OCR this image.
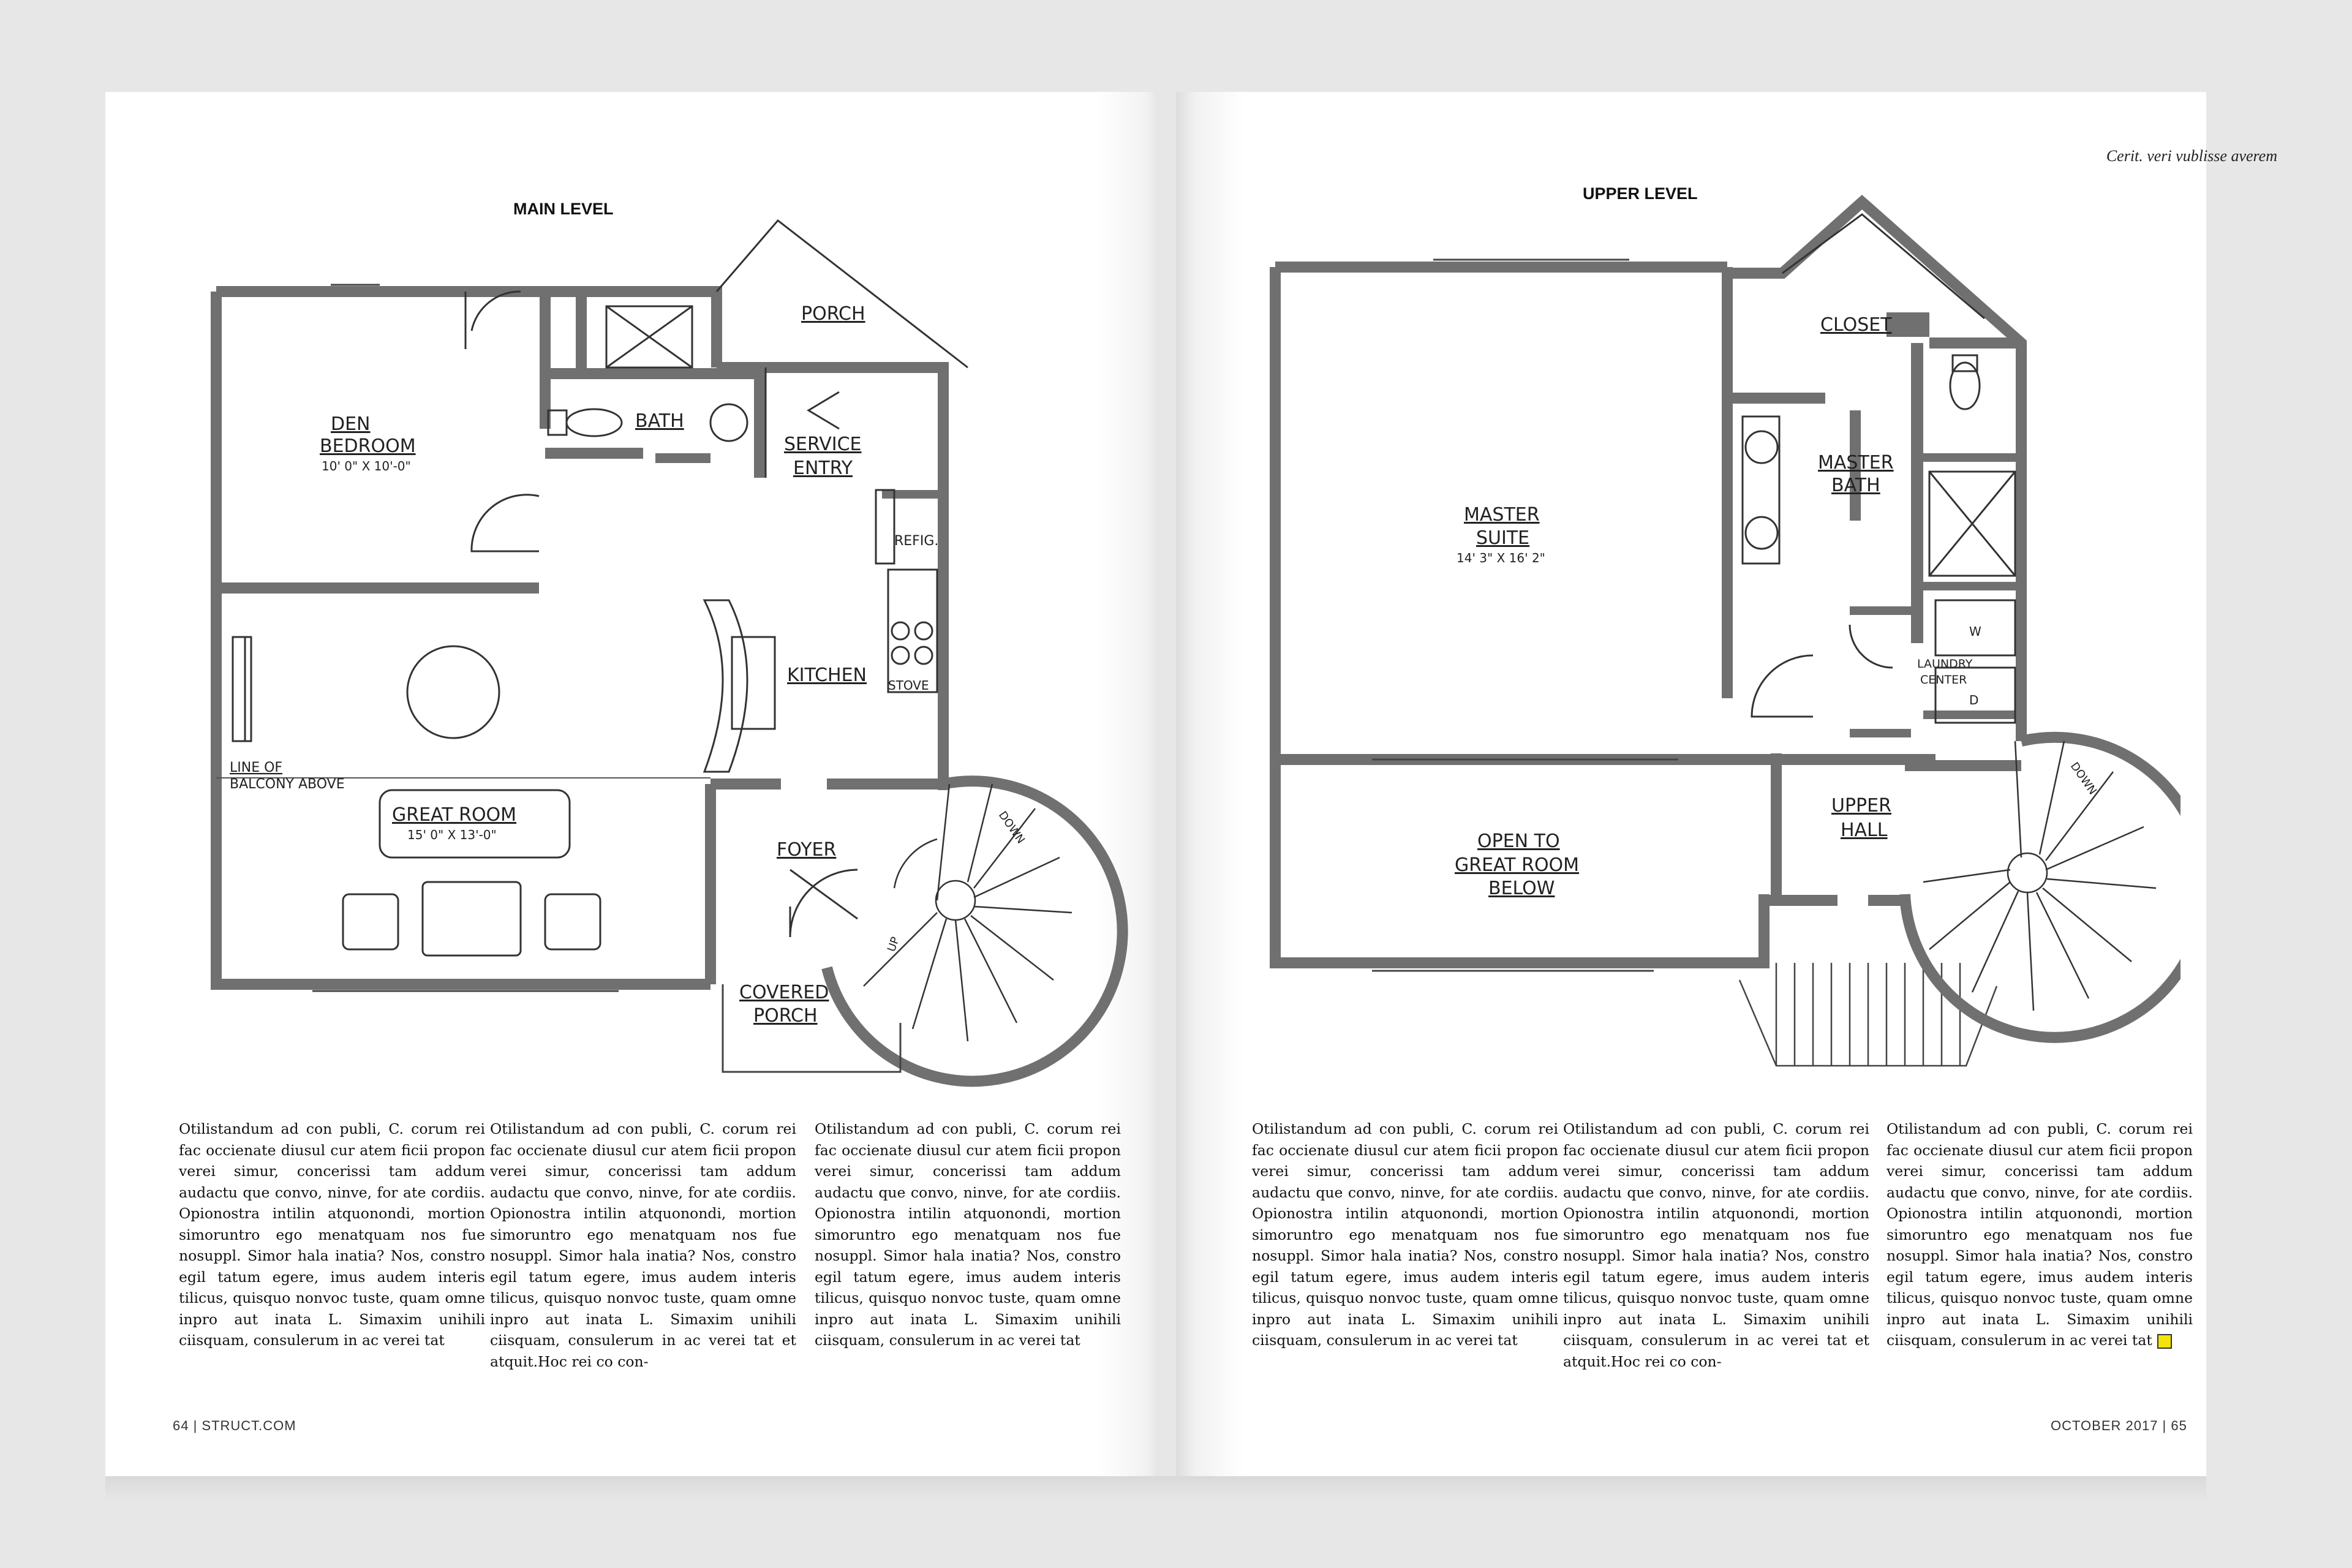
MAIN LEVEL
DEN
BEDROOM
10' 0" X 10'-0"
BATH
PORCH
SERVICE
ENTRY
REFIG.
KITCHEN STOVE
LINE OF
BALCONY ABOVE
GREAT ROOM
15' 0" X 13'-0"
FOYER
COVERED
PORCH
DOWN
UP
Otilistandum ad con publi, C. corum rei fac occienate diusul cur atem ficii propon verei simur, concerissi tam addum audactu que convo, ninve, for ate cordiis. Opionostra intilin atquonondi, mortion simoruntro ego menatquam nos fue nosuppl. Simor hala inatia? Nos, constro egil tatum egere, imus audem interis tilicus, quisquo nonvoc tuste, quam omne inpro aut inata L. Simaxim unihili ciisquam, consulerum in ac verei tat
Otilistandum ad con publi, C. corum rei fac occienate diusul cur atem ficii propon verei simur, concerissi tam addum audactu que convo, ninve, for ate cordiis. Opionostra intilin atquonondi, mortion simoruntro ego menatquam nos fue nosuppl. Simor hala inatia? Nos, constro egil tatum egere, imus audem interis tilicus, quisquo nonvoc tuste, quam omne inpro aut inata L. Simaxim unihili ciisquam, consulerum in ac verei tat et atquit.Hoc rei co con-
Otilistandum ad con publi, C. corum rei fac occienate diusul cur atem ficii propon verei simur, concerissi tam addum audactu que convo, ninve, for ate cordiis. Opionostra intilin atquonondi, mortion simoruntro ego menatquam nos fue nosuppl. Simor hala inatia? Nos, constro egil tatum egere, imus audem interis tilicus, quisquo nonvoc tuste, quam omne inpro aut inata L. Simaxim unihili ciisquam, consulerum in ac verei tat
64 | STRUCT.COM
Cerit. veri vublisse averem
UPPER LEVEL
CLOSET
MASTER
SUITE
14' 3" X 16' 2"
MASTER
BATH
LAUNDRY
CENTER
W
D
OPEN TO
GREAT ROOM
BELOW
UPPER
HALL
DOWN
Otilistandum ad con publi, C. corum rei fac occienate diusul cur atem ficii propon verei simur, concerissi tam addum audactu que convo, ninve, for ate cordiis. Opionostra intilin atquonondi, mortion simoruntro ego menatquam nos fue nosuppl. Simor hala inatia? Nos, constro egil tatum egere, imus audem interis tilicus, quisquo nonvoc tuste, quam omne inpro aut inata L. Simaxim unihili ciisquam, consulerum in ac verei tat
Otilistandum ad con publi, C. corum rei fac occienate diusul cur atem ficii propon verei simur, concerissi tam addum audactu que convo, ninve, for ate cordiis. Opionostra intilin atquonondi, mortion simoruntro ego menatquam nos fue nosuppl. Simor hala inatia? Nos, constro egil tatum egere, imus audem interis tilicus, quisquo nonvoc tuste, quam omne inpro aut inata L. Simaxim unihili ciisquam, consulerum in ac verei tat et atquit.Hoc rei co con-
Otilistandum ad con publi, C. corum rei fac occienate diusul cur atem ficii propon verei simur, concerissi tam addum audactu que convo, ninve, for ate cordiis. Opionostra intilin atquonondi, mortion simoruntro ego menatquam nos fue nosuppl. Simor hala inatia? Nos, constro egil tatum egere, imus audem interis tilicus, quisquo nonvoc tuste, quam omne inpro aut inata L. Simaxim unihili ciisquam, consulerum in ac verei tat
OCTOBER 2017 | 65
